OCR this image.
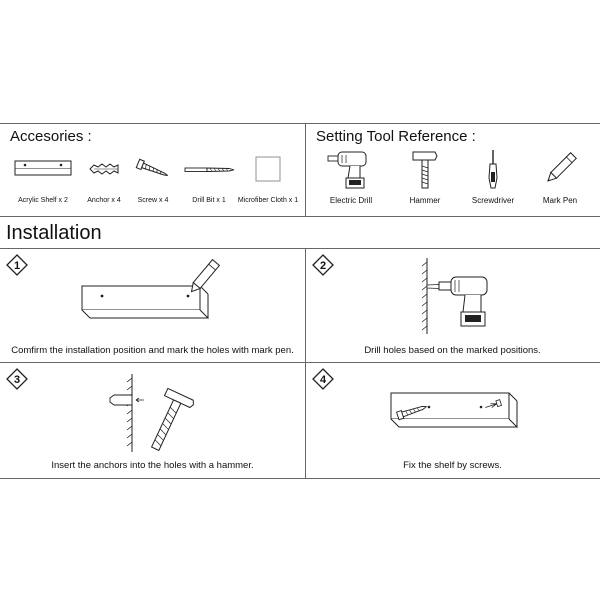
Accesories :
Acrylic Shelf x 2	Anchor x 4	Screw x 4	Drill Bit x 1	Microfiber Cloth x 1
Setting Tool Reference :
Electric Drill	Hammer	Screwdriver	Mark Pen
Installation
1
Comfirm the installation position and mark the holes with mark pen.
2
Drill holes based on the marked positions.
3
Insert the anchors into the holes with a hammer.
4
Fix the shelf by screws.
